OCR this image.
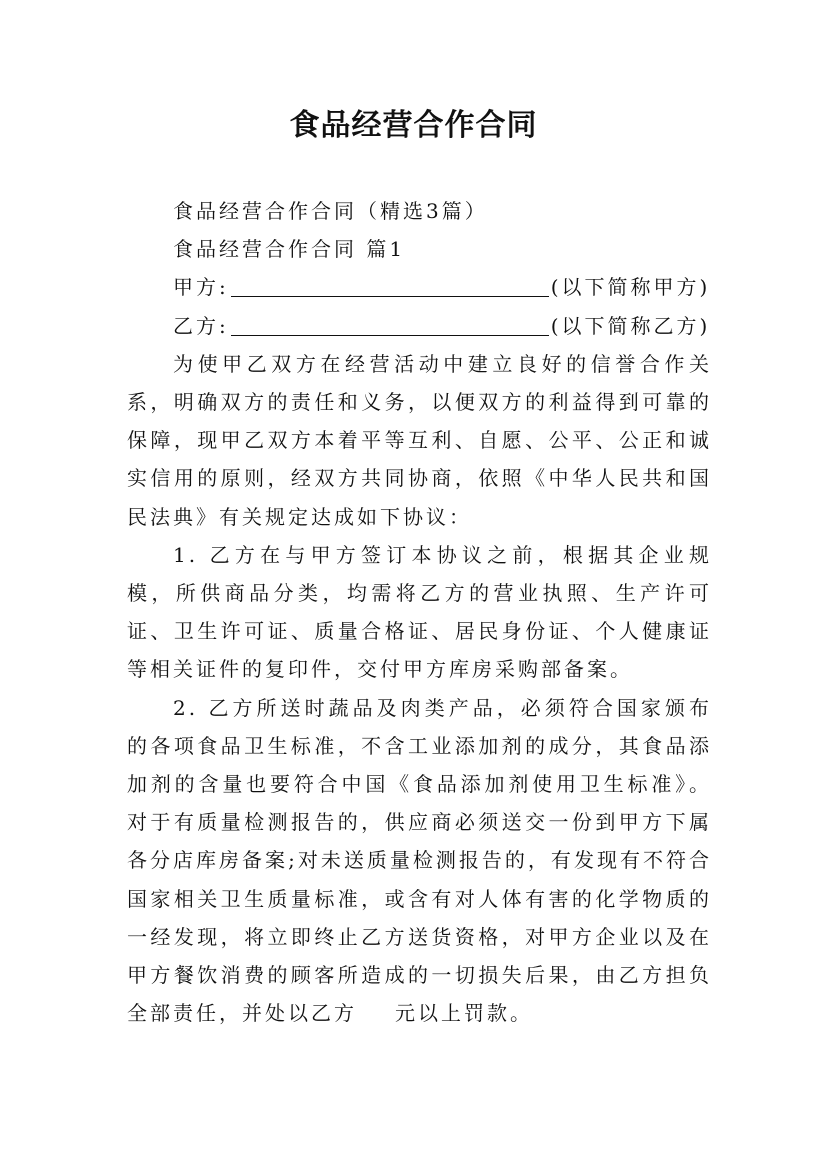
食品经营合作合同

食品经营合作合同（精选3篇）

食品经营合作合同 篇1

甲方:	(以下简称甲方)

乙方:	(以下简称乙方)

为使甲乙双方在经营活动中建立良好的信誉合作关系，明确双方的责任和义务，以便双方的利益得到可靠的保障，现甲乙双方本着平等互利、自愿、公平、公正和诚实信用的原则，经双方共同协商，依照《中华人民共和国民法典》有关规定达成如下协议：

1. 乙方在与甲方签订本协议之前，根据其企业规模，所供商品分类，均需将乙方的营业执照、生产许可证、卫生许可证、质量合格证、居民身份证、个人健康证等相关证件的复印件，交付甲方库房采购部备案。

2. 乙方所送时蔬品及肉类产品，必须符合国家颁布的各项食品卫生标准，不含工业添加剂的成分，其食品添加剂的含量也要符合中国《食品添加剂使用卫生标准》。对于有质量检测报告的，供应商必须送交一份到甲方下属各分店库房备案;对未送质量检测报告的，有发现有不符合国家相关卫生质量标准，或含有对人体有害的化学物质的一经发现，将立即终止乙方送货资格，对甲方企业以及在甲方餐饮消费的顾客所造成的一切损失后果，由乙方担负全部责任，并处以乙方 元以上罚款。
